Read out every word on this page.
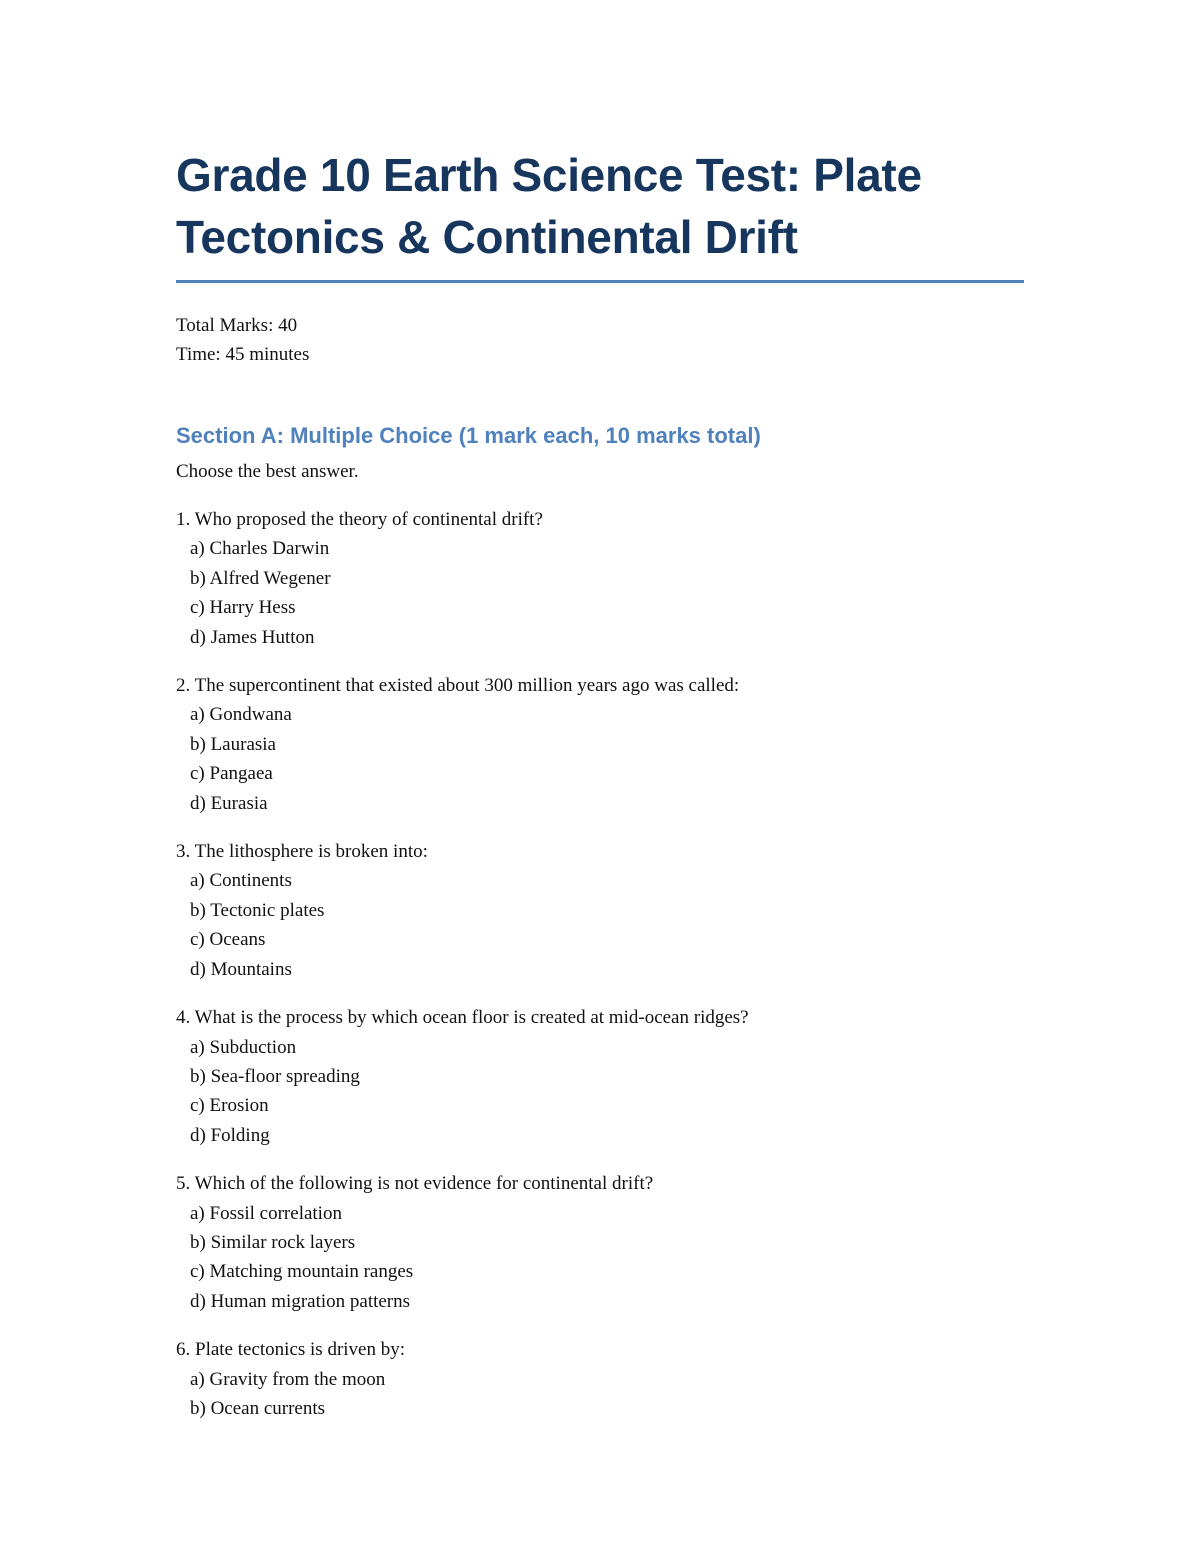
Grade 10 Earth Science Test: Plate
Tectonics & Continental Drift
Total Marks: 40
Time: 45 minutes
Section A: Multiple Choice (1 mark each, 10 marks total)
Choose the best answer.
1. Who proposed the theory of continental drift?
a) Charles Darwin
b) Alfred Wegener
c) Harry Hess
d) James Hutton
2. The supercontinent that existed about 300 million years ago was called:
a) Gondwana
b) Laurasia
c) Pangaea
d) Eurasia
3. The lithosphere is broken into:
a) Continents
b) Tectonic plates
c) Oceans
d) Mountains
4. What is the process by which ocean floor is created at mid-ocean ridges?
a) Subduction
b) Sea-floor spreading
c) Erosion
d) Folding
5. Which of the following is not evidence for continental drift?
a) Fossil correlation
b) Similar rock layers
c) Matching mountain ranges
d) Human migration patterns
6. Plate tectonics is driven by:
a) Gravity from the moon
b) Ocean currents
